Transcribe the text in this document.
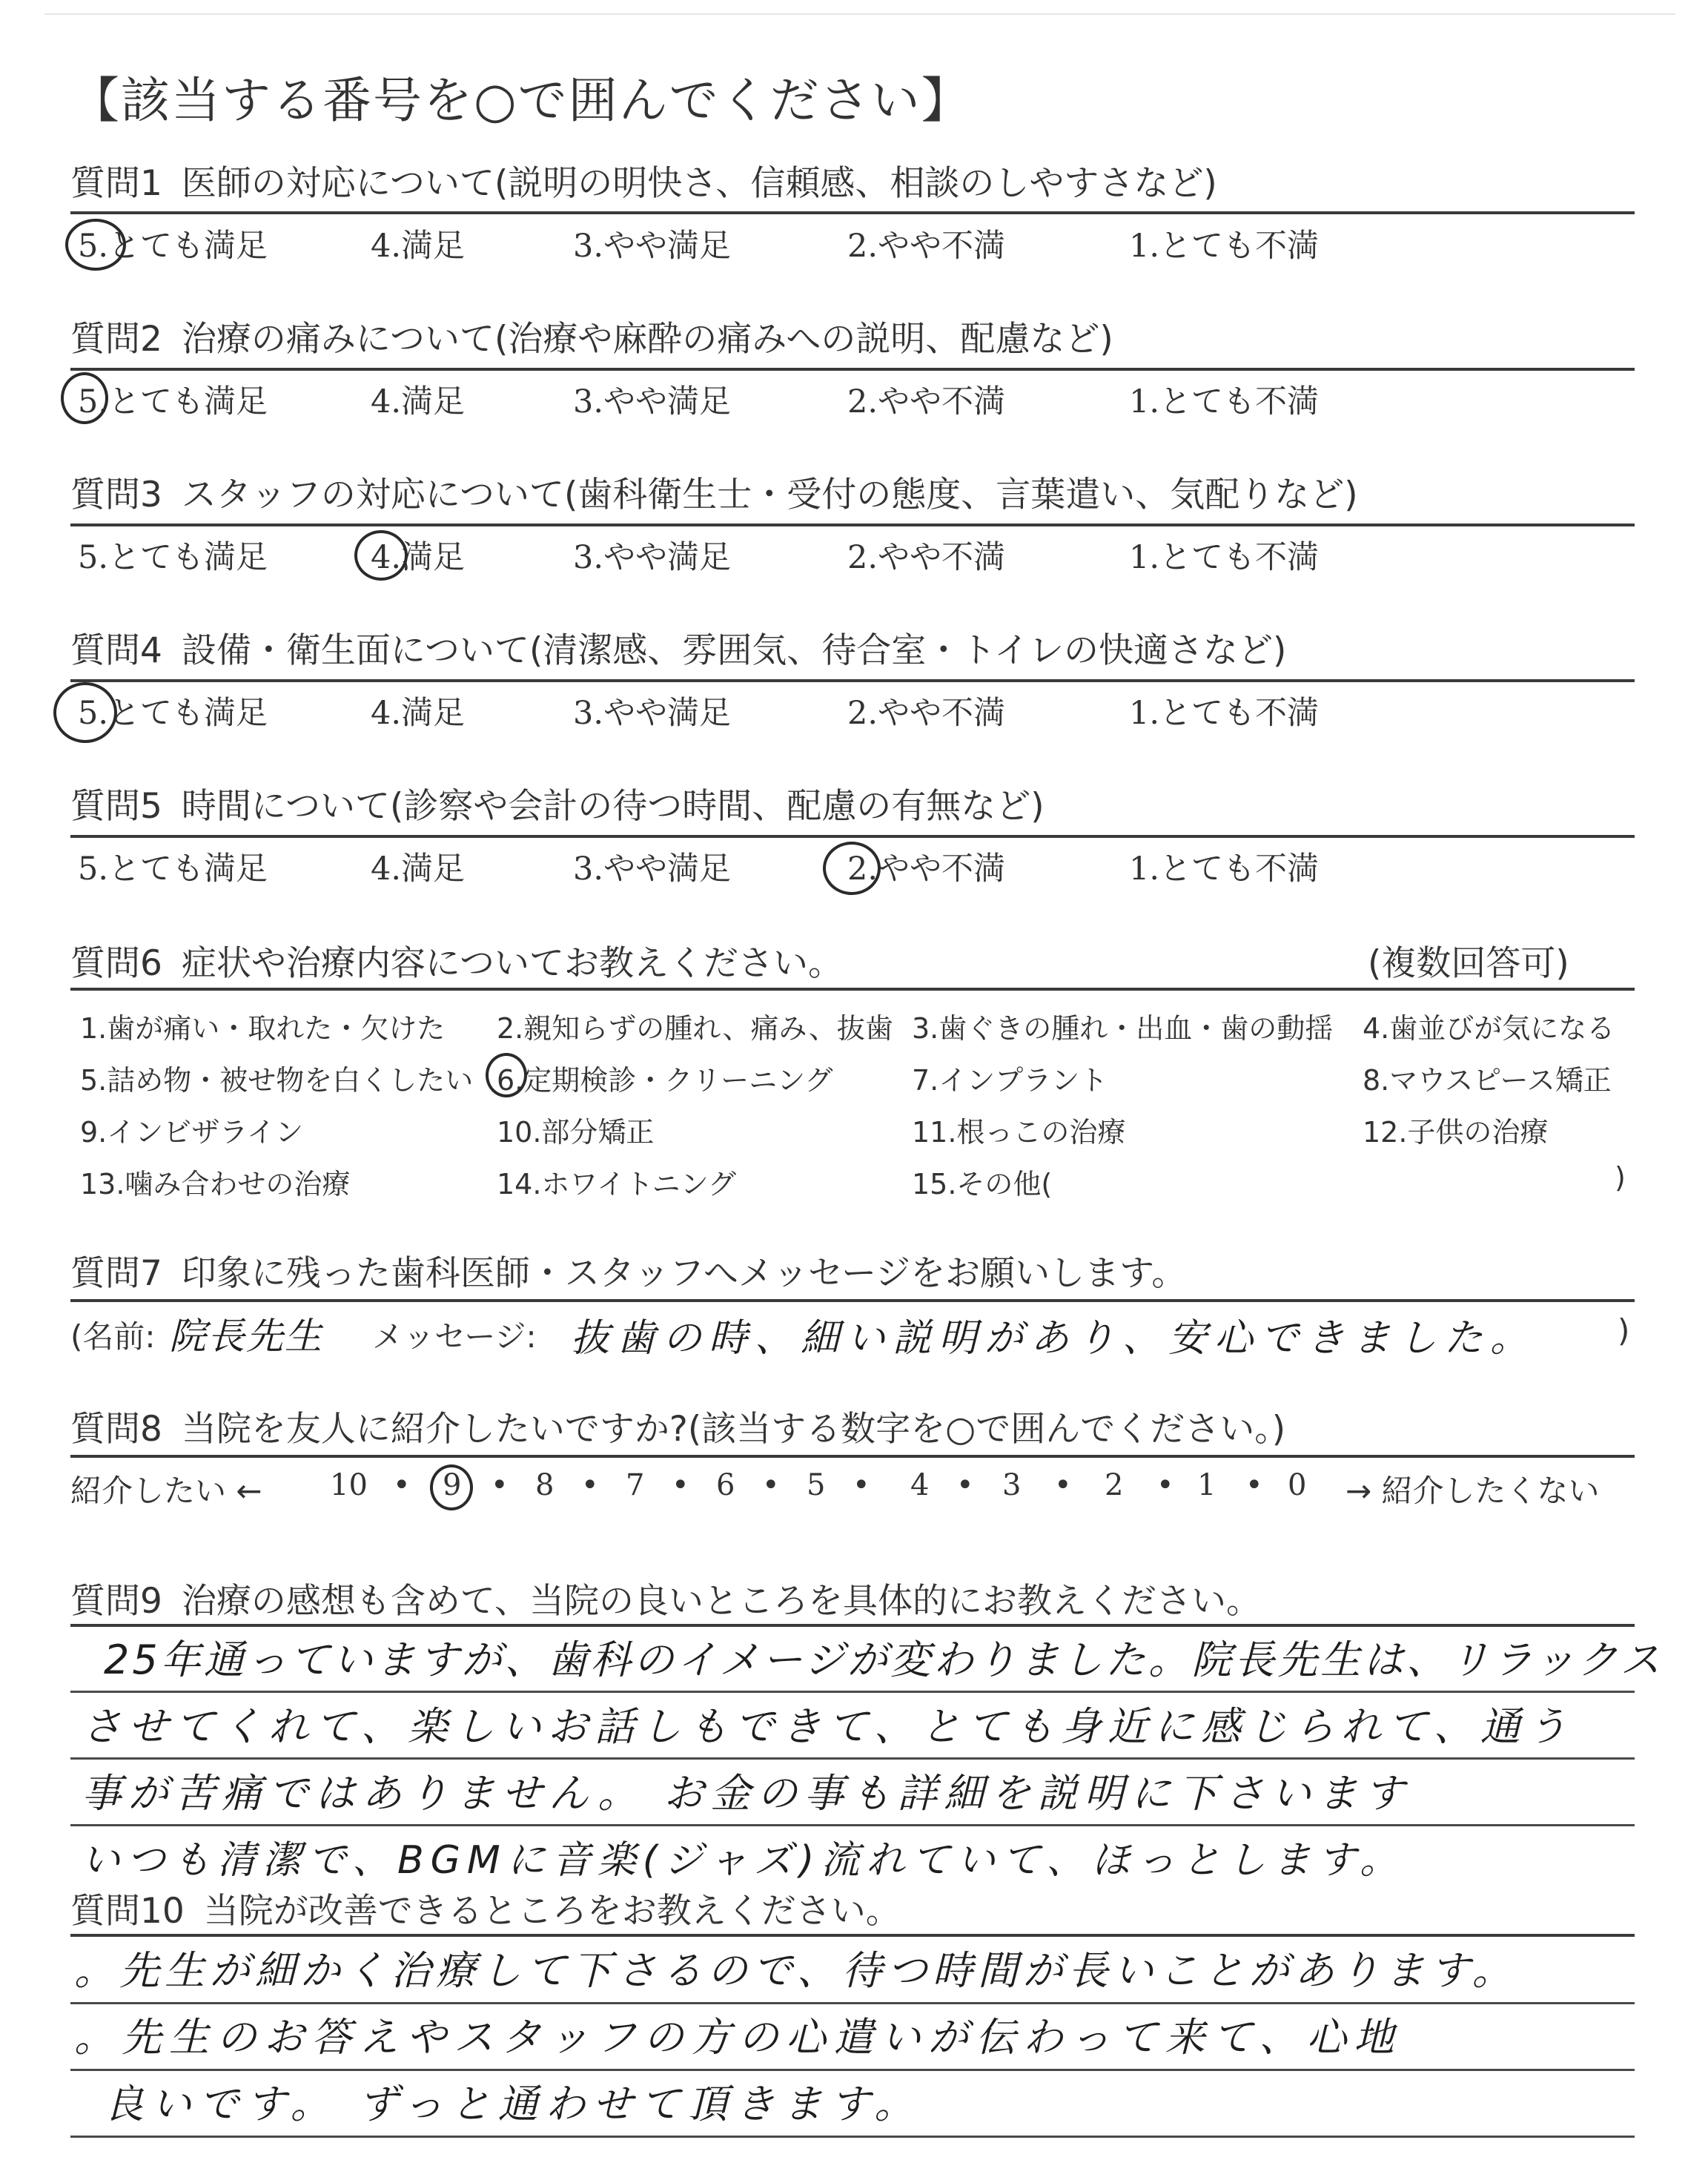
【該当する番号を○で囲んでください】
質問1 医師の対応について(説明の明快さ、信頼感、相談のしやすさなど)
5.とても満足	4.満足	3.やや満足	2.やや不満	1.とても不満
質問2 治療の痛みについて(治療や麻酔の痛みへの説明、配慮など)
5.とても満足	4.満足	3.やや満足	2.やや不満	1.とても不満
質問3 スタッフの対応について(歯科衛生士・受付の態度、言葉遣い、気配りなど)
5.とても満足	4.満足	3.やや満足	2.やや不満	1.とても不満
質問4 設備・衛生面について(清潔感、雰囲気、待合室・トイレの快適さなど)
5.とても満足	4.満足	3.やや満足	2.やや不満	1.とても不満
質問5 時間について(診察や会計の待つ時間、配慮の有無など)
5.とても満足	4.満足	3.やや満足	2.やや不満	1.とても不満
質問6 症状や治療内容についてお教えください。	(複数回答可)
1.歯が痛い・取れた・欠けた 2.親知らずの腫れ、痛み、抜歯 3.歯ぐきの腫れ・出血・歯の動揺 4.歯並びが気になる
5.詰め物・被せ物を白くしたい 6.定期検診・クリーニング	7.インプラント	8.マウスピース矯正
9.インビザライン	10.部分矯正	11.根っこの治療	12.子供の治療
13.噛み合わせの治療	14.ホワイトニング	15.その他(	)
質問7 印象に残った歯科医師・スタッフへメッセージをお願いします。
(名前: 院長先生 メッセージ: 抜歯の時、細い説明があり、安心できました。	)
質問8 当院を友人に紹介したいですか?(該当する数字を○で囲んでください。)
紹介したい ← 10 • 9 • 8 • 7 • 6 • 5 • 4 • 3 • 2 • 1 • 0 → 紹介したくない
質問9 治療の感想も含めて、当院の良いところを具体的にお教えください。
25年通っていますが、歯科のイメージが変わりました。院長先生は、リラックス
させてくれて、楽しいお話しもできて、とても身近に感じられて、通う
事が苦痛ではありません。 お金の事も詳細を説明に下さいます
いつも清潔で、BGMに音楽(ジャズ)流れていて、ほっとします。
質問10 当院が改善できるところをお教えください。
。先生が細かく治療して下さるので、待つ時間が長いことがあります。
。先生のお答えやスタッフの方の心遣いが伝わって来て、心地
良いです。 ずっと通わせて頂きます。
